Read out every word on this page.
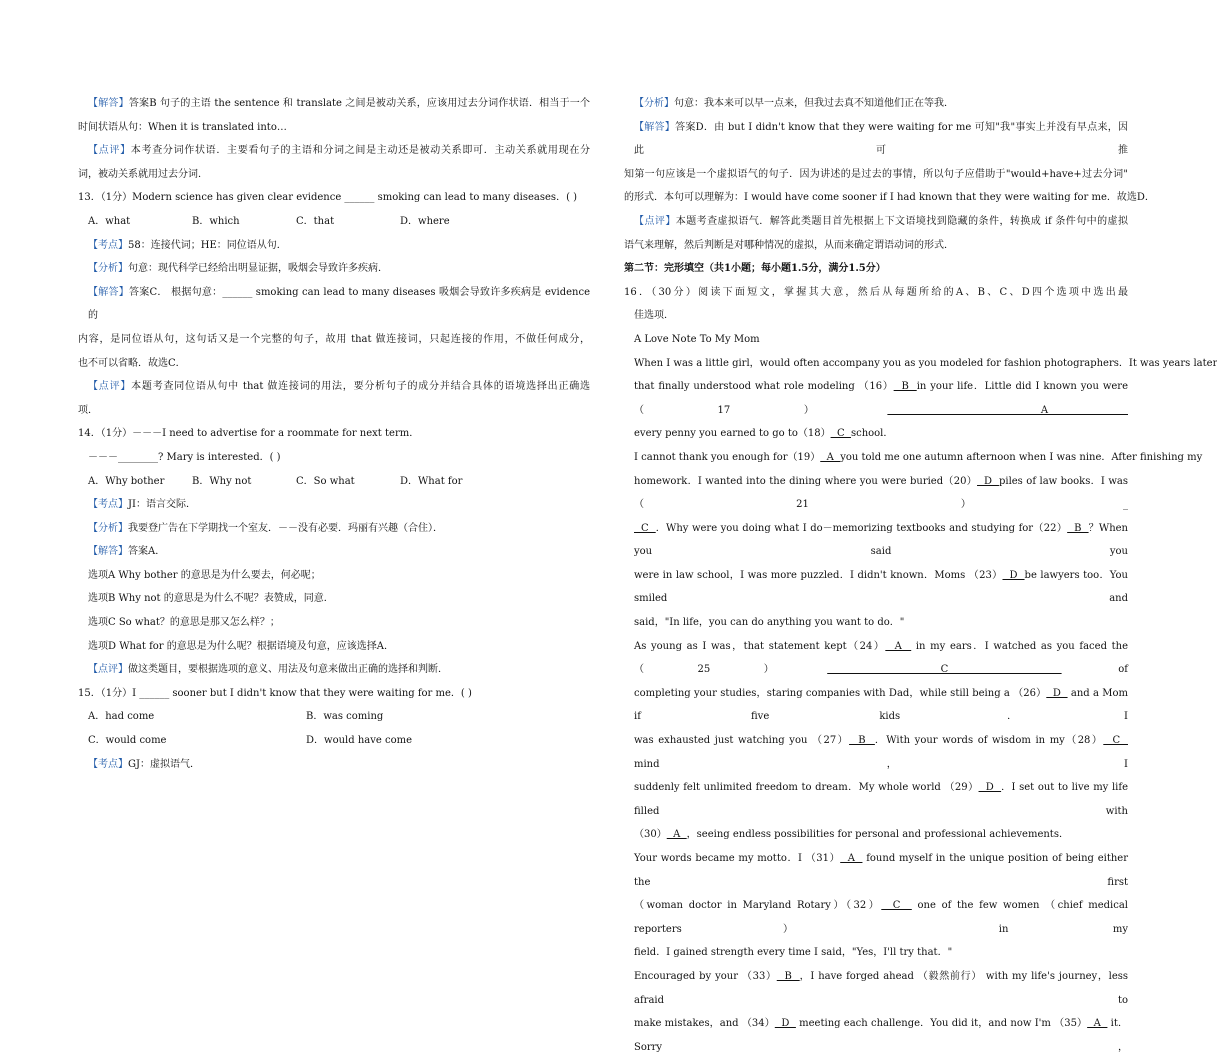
【解答】答案B 句子的主语 the sentence 和 translate 之间是被动关系，应该用过去分词作状语．相当于一个
时间状语从句：When it is translated into…
【点评】本考查分词作状语．主要看句子的主语和分词之间是主动还是被动关系即可．主动关系就用现在分
词，被动关系就用过去分词．
13．（1分）Modern science has given clear evidence ______ smoking can lead to many diseases．( )
A．what	B．which	C．that	D．where
【考点】58：连接代词；HE：同位语从句．
【分析】句意：现代科学已经给出明显证据，吸烟会导致许多疾病．
【解答】答案C． 根据句意：______ smoking can lead to many diseases 吸烟会导致许多疾病是 evidence 的
内容，是同位语从句，这句话又是一个完整的句子，故用 that 做连接词，只起连接的作用，不做任何成分，
也不可以省略．故选C．
【点评】本题考查同位语从句中 that 做连接词的用法，要分析句子的成分并结合具体的语境选择出正确选
项．
14．（1分）－－－I need to advertise for a roommate for next term．
－－－________? Mary is interested．( )
A．Why bother	B．Why not	C．So what	D．What for
【考点】JI：语言交际．
【分析】我要登广告在下学期找一个室友．－－没有必要．玛丽有兴趣（合住）．
【解答】答案A．
选项A Why bother 的意思是为什么要去，何必呢；
选项B Why not 的意思是为什么不呢？表赞成，同意．
选项C So what？的意思是那又怎么样？；
选项D What for 的意思是为什么呢？根据语境及句意，应该选择A．
【点评】做这类题目，要根据选项的意义、用法及句意来做出正确的选择和判断．
15．（1分）I ______ sooner but I didn't know that they were waiting for me．( )
A．had come	B．was coming
C．would come	D．would have come
【考点】GJ：虚拟语气．
【分析】句意：我本来可以早一点来，但我过去真不知道他们正在等我．
【解答】答案D．由 but I didn't know that they were waiting for me 可知"我"事实上并没有早点来，因此可推
知第一句应该是一个虚拟语气的句子．因为讲述的是过去的事情，所以句子应借助于"would+have+过去分词"
的形式．本句可以理解为：I would have come sooner if I had known that they were waiting for me．故选D．
【点评】本题考查虚拟语气．解答此类题目首先根据上下文语境找到隐藏的条件，转换成 if 条件句中的虚拟
语气来理解，然后判断是对哪种情况的虚拟，从而来确定谓语动词的形式．
第二节：完形填空（共1小题；每小题1.5分，满分1.5分）
16．（30分）阅读下面短文，掌握其大意，然后从每题所给的A、B、C、D四个选项中选出最
佳选项．
A Love Note To My Mom
When I was a little girl，would often accompany you as you modeled for fashion photographers．It was years later
that finally understood what role modeling （16）  B  in your life．Little did I known you were（17）  A
every penny you earned to go to（18）  C  school．
I cannot thank you enough for（19）  A  you told me one autumn afternoon when I was nine．After finishing my
homework．I wanted into the dining where you were buried（20）  D  piles of law books．I was（21）_
C  ．Why were you doing what I do－memorizing textbooks and studying for（22）  B  ？When you said you
were in law school，I was more puzzled．I didn't known．Moms （23）  D  be lawyers too．You smiled and
said，"In life，you can do anything you want to do．"
As young as I was，that statement kept（24）  A   in my ears．I watched as you faced the （25）  C   of
completing your studies，staring companies with Dad，while still being a （26）  D   and a Mom if five kids．I
was exhausted just watching you （27）  B  ．With your words of wisdom in my（28）  C   mind，I
suddenly felt unlimited freedom to dream．My whole world （29）  D  ．I set out to live my life filled with
（30）  A  ，seeing endless possibilities for personal and professional achievements．
Your words became my motto．I （31）  A   found myself in the unique position of being either the first
（woman doctor in Maryland Rotary）（32）  C   one of the few women （chief medical reporters） in my
field．I gained strength every time I said，"Yes，I'll try that．"
Encouraged by your （33）  B  ，I have forged ahead （毅然前行） with my life's journey，less afraid to
make mistakes，and （34）  D   meeting each challenge．You did it，and now I'm （35）  A   it．Sorry，
